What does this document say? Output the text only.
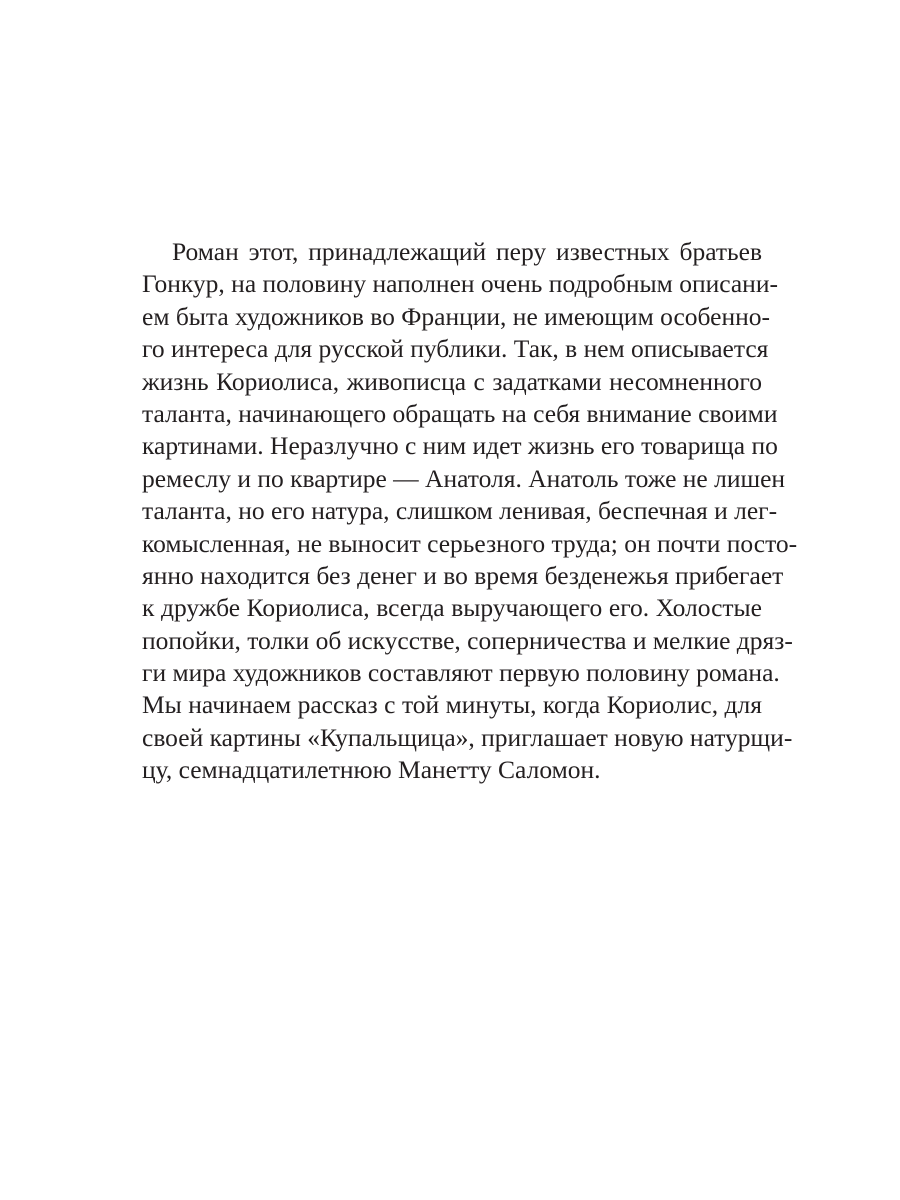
Роман этот, принадлежащий перу известных братьев
Гонкур, на половину наполнен очень подробным описани-
ем быта художников во Франции, не имеющим особенно-
го интереса для русской публики. Так, в нем описывается
жизнь Кориолиса, живописца с задатками несомненного
таланта, начинающего обращать на себя внимание своими
картинами. Неразлучно с ним идет жизнь его товарища по
ремеслу и по квартире — Анатоля. Анатоль тоже не лишен
таланта, но его натура, слишком ленивая, беспечная и лег-
комысленная, не выносит серьезного труда; он почти посто-
янно находится без денег и во время безденежья прибегает
к дружбе Кориолиса, всегда выручающего его. Холостые
попойки, толки об искусстве, соперничества и мелкие дряз-
ги мира художников составляют первую половину романа.
Мы начинаем рассказ с той минуты, когда Кориолис, для
своей картины «Купальщица», приглашает новую натурщи-
цу, семнадцатилетнюю Манетту Саломон.
